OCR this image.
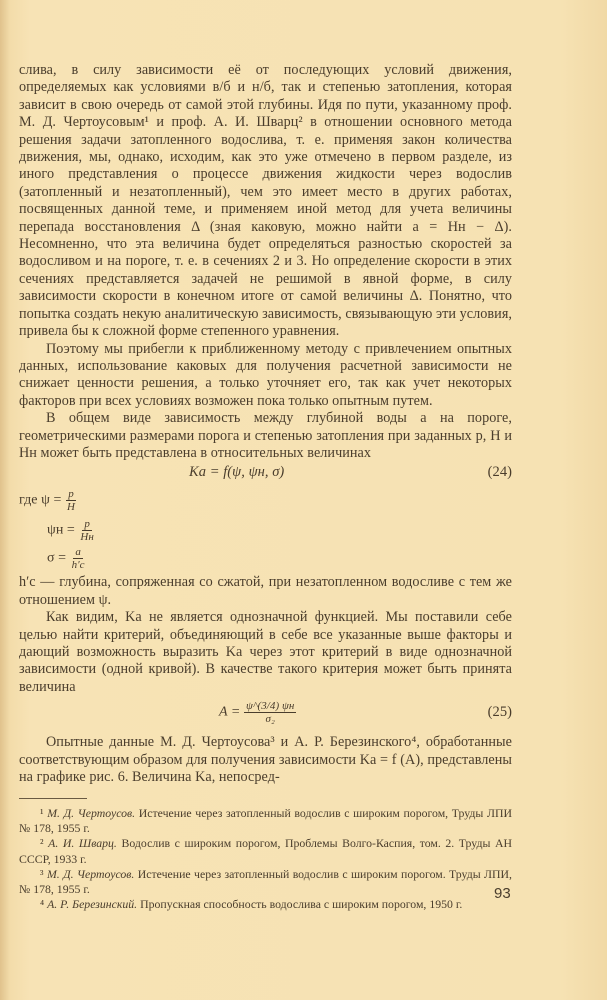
слива, в силу зависимости её от последующих условий движения, определяемых как условиями в/б и н/б, так и степенью затопления, которая зависит в свою очередь от самой этой глубины. Идя по пути, указанному проф. М. Д. Чертоусовым¹ и проф. А. И. Шварц² в отношении основного метода решения задачи затопленного водослива, т. е. применяя закон количества движения, мы, однако, исходим, как это уже отмечено в первом разделе, из иного представления о процессе движения жидкости через водослив (затопленный и незатопленный), чем это имеет место в других работах, посвященных данной теме, и применяем иной метод для учета величины перепада восстановления Δ (зная каковую, можно найти a = Hн − Δ). Несомненно, что эта величина будет определяться разностью скоростей за водосливом и на пороге, т. е. в сечениях 2 и 3. Но определение скорости в этих сечениях представляется задачей не решимой в явной форме, в силу зависимости скорости в конечном итоге от самой величины Δ. Понятно, что попытка создать некую аналитическую зависимость, связывающую эти условия, привела бы к сложной форме степенного уравнения.

Поэтому мы прибегли к приближенному методу с привлечением опытных данных, использование каковых для получения расчетной зависимости не снижает ценности решения, а только уточняет его, так как учет некоторых факторов при всех условиях возможен пока только опытным путем.

В общем виде зависимость между глубиной воды a на пороге, геометрическими размерами порога и степенью затопления при заданных p, H и Hн может быть представлена в относительных величинах

Kа = f(ψ, ψн, σ)	(24)
где $\psi = \frac{p}{H}$
$\psi н = \frac{p}{Hн}$
$\sigma = \frac{a}{h'c}$

h′c — глубина, сопряженная со сжатой, при незатопленном водосливе с тем же отношением ψ.

Как видим, Kа не является однозначной функцией. Мы поставили себе целью найти критерий, объединяющий в себе все указанные выше факторы и дающий возможность выразить Kа через этот критерий в виде однозначной зависимости (одной кривой). В качестве такого критерия может быть принята величина

$A = \frac{\psi\^{}(3/4) \psi н}{\text{σ₂}}$	(25)

Опытные данные М. Д. Чертоусова³ и А. Р. Березинского⁴, обработанные соответствующим образом для получения зависимости Kа = f (A), представлены на графике рис. 6. Величина Kа, непосред-

¹ М. Д. Чертоусов. Истечение через затопленный водослив с широким порогом, Труды ЛПИ № 178, 1955 г.

² А. И. Шварц. Водослив с широким порогом, Проблемы Волго-Каспия, том. 2. Труды АН СССР, 1933 г.

³ М. Д. Чертоусов. Истечение через затопленный водослив с широким порогом. Труды ЛПИ, № 178, 1955 г.

⁴ А. Р. Березинский. Пропускная способность водослива с широким порогом, 1950 г.

93
